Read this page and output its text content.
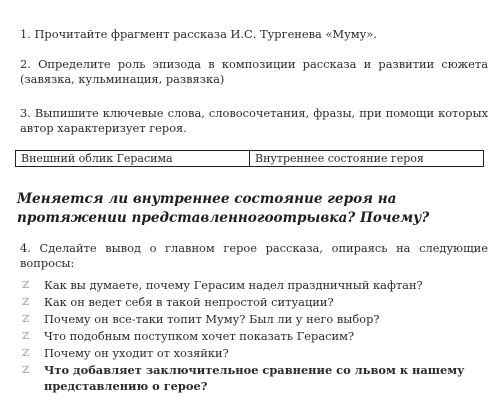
1. Прочитайте фрагмент рассказа И.С. Тургенева «Муму».

2. Определите роль эпизода в композиции рассказа и развитии сюжета (завязка, кульминация, развязка)

3. Выпишите ключевые слова, словосочетания, фразы, при помощи которых автор характеризует героя.

Внешний облик Герасима	Внутреннее состояние героя

Меняется ли внутреннее состояние героя на протяжении представленногоотрывка? Почему?

4. Сделайте вывод о главном герое рассказа, опираясь на следующие вопросы:

ℤ	Как вы думаете, почему Герасим надел праздничный кафтан?
ℤ	Как он ведет себя в такой непростой ситуации?
ℤ	Почему он все-таки топит Муму? Был ли у него выбор?
ℤ	Что подобным поступком хочет показать Герасим?
ℤ	Почему он уходит от хозяйки?
ℤ	Что добавляет заключительное сравнение со львом к нашему представлению о герое?
